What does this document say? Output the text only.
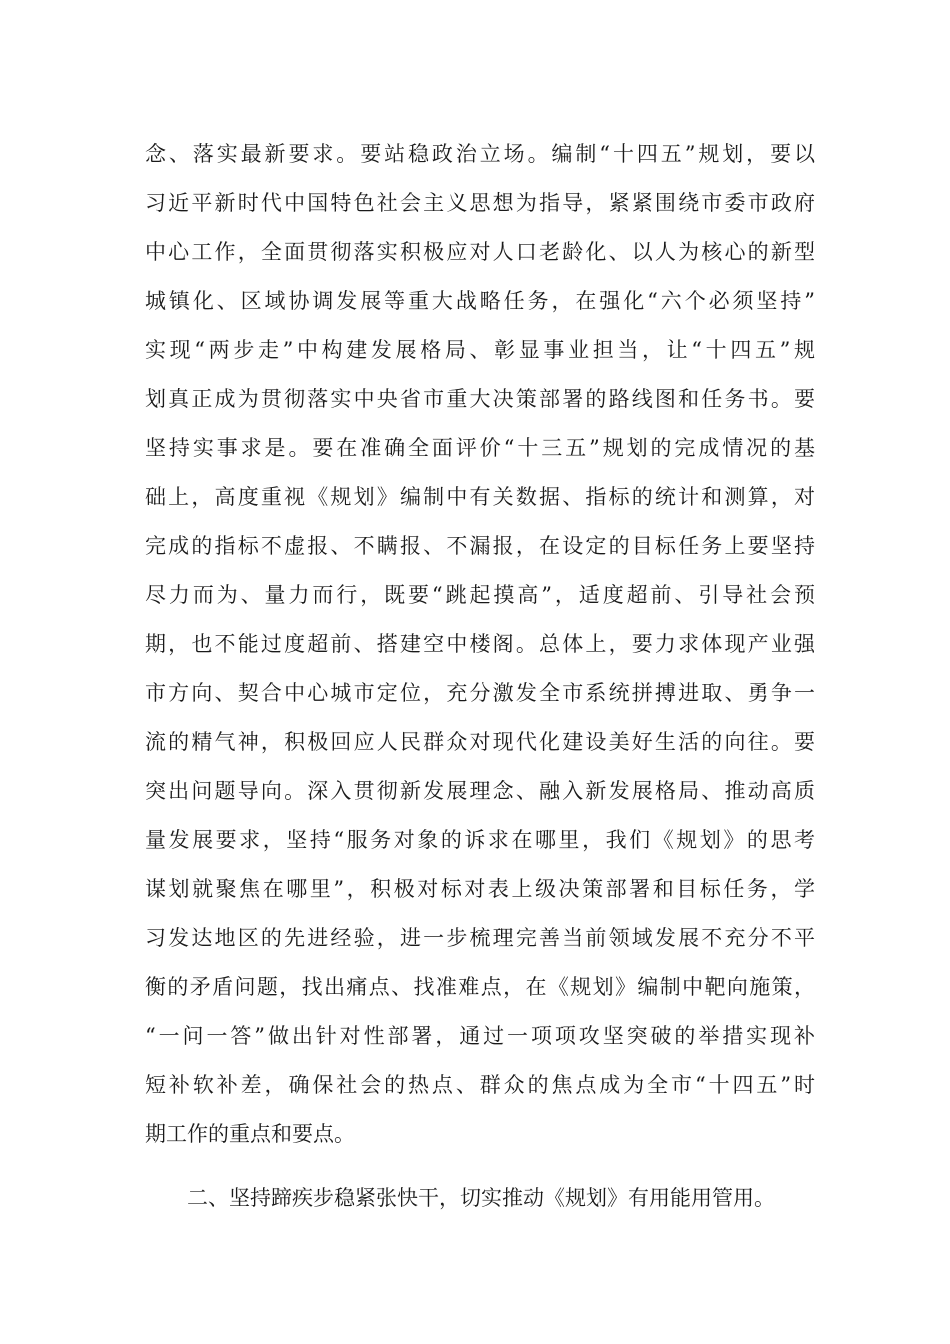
念、落实最新要求。要站稳政治立场。编制“十四五”规划，要以
习近平新时代中国特色社会主义思想为指导，紧紧围绕市委市政府
中心工作，全面贯彻落实积极应对人口老龄化、以人为核心的新型
城镇化、区域协调发展等重大战略任务，在强化“六个必须坚持”
实现“两步走”中构建发展格局、彰显事业担当，让“十四五”规
划真正成为贯彻落实中央省市重大决策部署的路线图和任务书。要
坚持实事求是。要在准确全面评价“十三五”规划的完成情况的基
础上，高度重视《规划》编制中有关数据、指标的统计和测算，对
完成的指标不虚报、不瞒报、不漏报，在设定的目标任务上要坚持
尽力而为、量力而行，既要“跳起摸高”，适度超前、引导社会预
期，也不能过度超前、搭建空中楼阁。总体上，要力求体现产业强
市方向、契合中心城市定位，充分激发全市系统拼搏进取、勇争一
流的精气神，积极回应人民群众对现代化建设美好生活的向往。要
突出问题导向。深入贯彻新发展理念、融入新发展格局、推动高质
量发展要求，坚持“服务对象的诉求在哪里，我们《规划》的思考
谋划就聚焦在哪里”，积极对标对表上级决策部署和目标任务，学
习发达地区的先进经验，进一步梳理完善当前领域发展不充分不平
衡的矛盾问题，找出痛点、找准难点，在《规划》编制中靶向施策，
“一问一答”做出针对性部署，通过一项项攻坚突破的举措实现补
短补软补差，确保社会的热点、群众的焦点成为全市“十四五”时
期工作的重点和要点。
二、坚持蹄疾步稳紧张快干，切实推动《规划》有用能用管用。
